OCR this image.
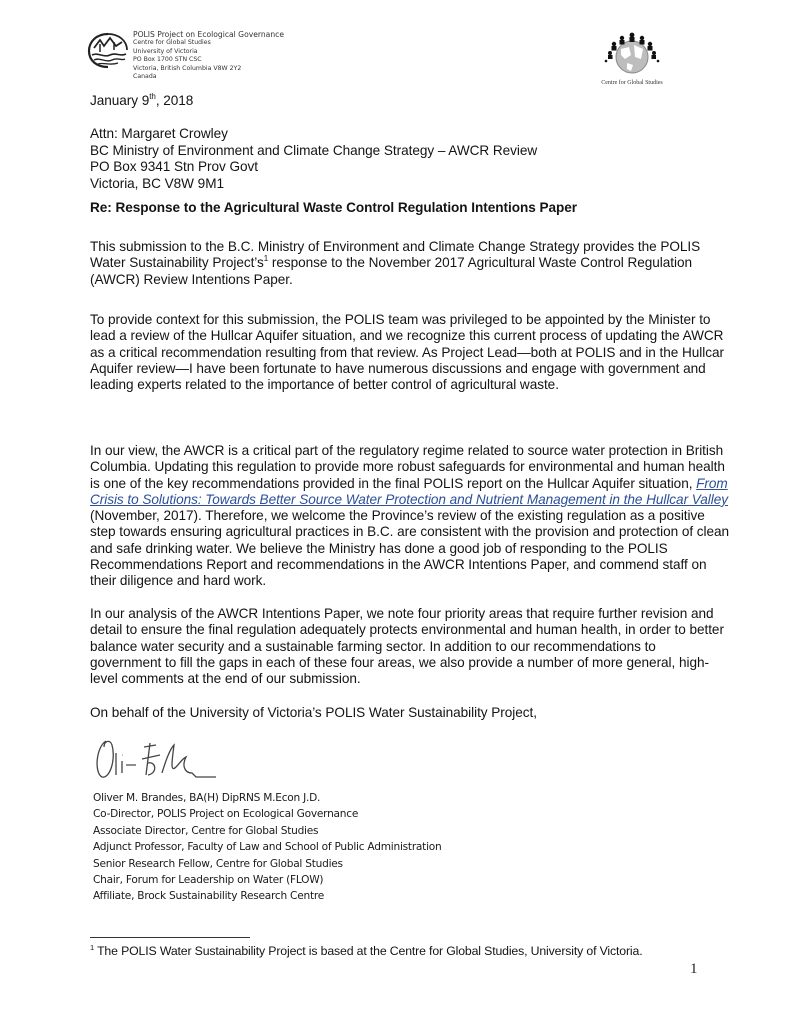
POLIS Project on Ecological Governance
Centre for Global Studies
University of Victoria
PO Box 1700 STN CSC
Victoria, British Columbia V8W 2Y2
Canada
Centre for Global Studies
January 9th, 2018
Attn: Margaret Crowley
BC Ministry of Environment and Climate Change Strategy – AWCR Review
PO Box 9341 Stn Prov Govt
Victoria, BC V8W 9M1
Re: Response to the Agricultural Waste Control Regulation Intentions Paper
This submission to the B.C. Ministry of Environment and Climate Change Strategy provides the POLIS Water Sustainability $Project’s^1$ response to the November 2017 Agricultural Waste Control Regulation (AWCR) Review Intentions Paper.
To provide context for this submission, the POLIS team was privileged to be appointed by the Minister to lead a review of the Hullcar Aquifer situation, and we recognize this current process of updating the AWCR as a critical recommendation resulting from that review. As Project Lead—both at POLIS and in the Hullcar Aquifer review—I have been fortunate to have numerous discussions and engage with government and leading experts related to the importance of better control of agricultural waste.
In our view, the AWCR is a critical part of the regulatory regime related to source water protection in British Columbia. Updating this regulation to provide more robust safeguards for environmental and human health is one of the key recommendations provided in the final POLIS report on the Hullcar Aquifer situation, From Crisis to Solutions: Towards Better Source Water Protection and Nutrient Management in the Hullcar Valley (November, 2017). Therefore, we welcome the Province’s review of the existing regulation as a positive step towards ensuring agricultural practices in B.C. are consistent with the provision and protection of clean and safe drinking water. We believe the Ministry has done a good job of responding to the POLIS Recommendations Report and recommendations in the AWCR Intentions Paper, and commend staff on their diligence and hard work.
In our analysis of the AWCR Intentions Paper, we note four priority areas that require further revision and detail to ensure the final regulation adequately protects environmental and human health, in order to better balance water security and a sustainable farming sector. In addition to our recommendations to government to fill the gaps in each of these four areas, we also provide a number of more general, high-level comments at the end of our submission.
On behalf of the University of Victoria’s POLIS Water Sustainability Project,
Oliver M. Brandes, BA(H) DipRNS M.Econ J.D.
Co-Director, POLIS Project on Ecological Governance
Associate Director, Centre for Global Studies
Adjunct Professor, Faculty of Law and School of Public Administration
Senior Research Fellow, Centre for Global Studies
Chair, Forum for Leadership on Water (FLOW)
Affiliate, Brock Sustainability Research Centre
$^1$ The POLIS Water Sustainability Project is based at the Centre for Global Studies, University of Victoria.
1
